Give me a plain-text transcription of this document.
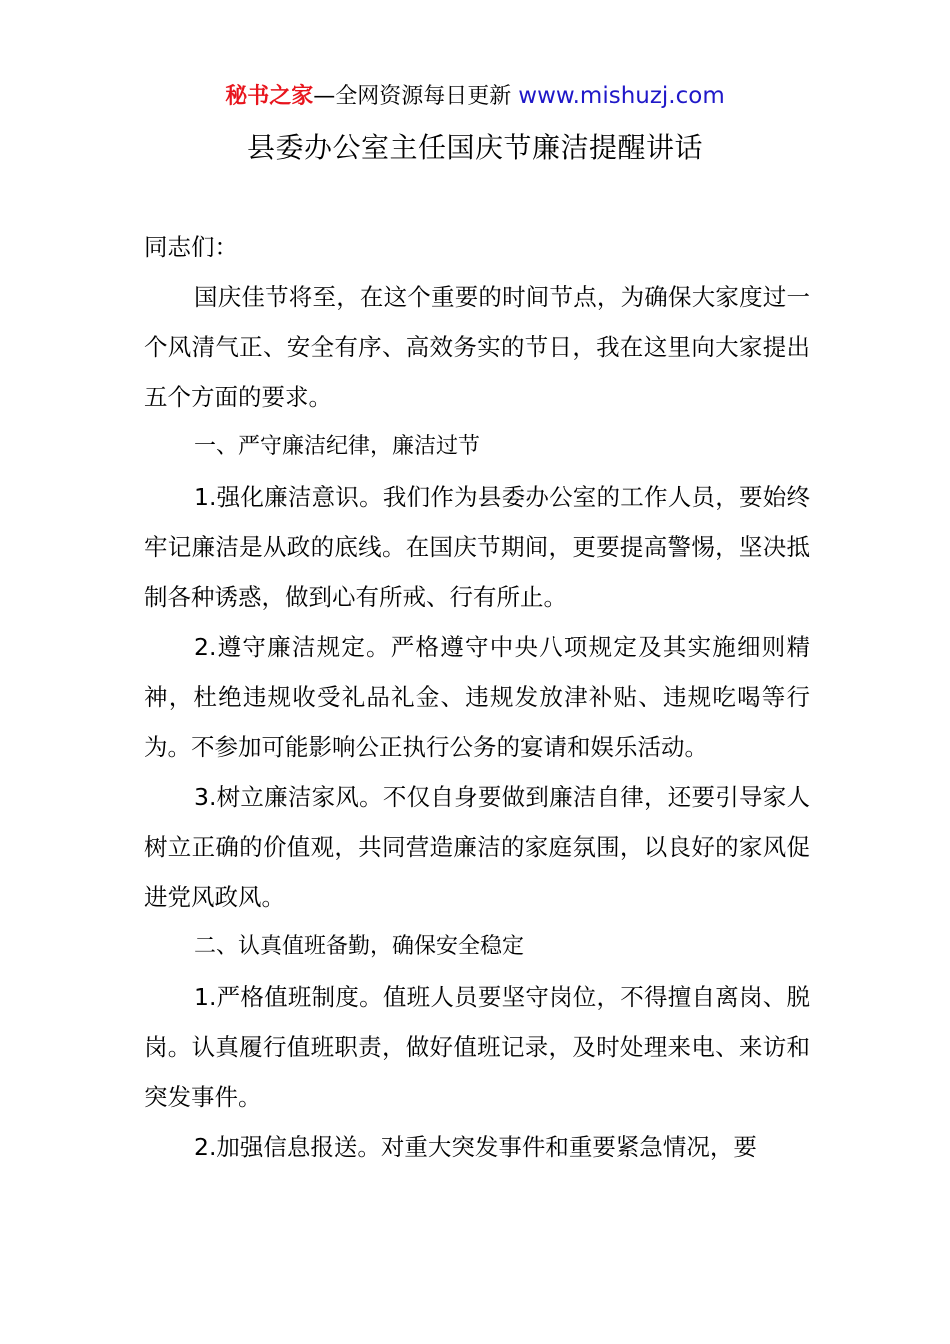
秘书之家—全网资源每日更新 www.mishuzj.com
县委办公室主任国庆节廉洁提醒讲话

同志们：

国庆佳节将至，在这个重要的时间节点，为确保大家度过一个风清气正、安全有序、高效务实的节日，我在这里向大家提出五个方面的要求。

一、严守廉洁纪律，廉洁过节

1.强化廉洁意识。我们作为县委办公室的工作人员，要始终牢记廉洁是从政的底线。在国庆节期间，更要提高警惕，坚决抵制各种诱惑，做到心有所戒、行有所止。

2.遵守廉洁规定。严格遵守中央八项规定及其实施细则精神，杜绝违规收受礼品礼金、违规发放津补贴、违规吃喝等行为。不参加可能影响公正执行公务的宴请和娱乐活动。

3.树立廉洁家风。不仅自身要做到廉洁自律，还要引导家人树立正确的价值观，共同营造廉洁的家庭氛围，以良好的家风促进党风政风。

二、认真值班备勤，确保安全稳定

1.严格值班制度。值班人员要坚守岗位，不得擅自离岗、脱岗。认真履行值班职责，做好值班记录，及时处理来电、来访和突发事件。

2.加强信息报送。对重大突发事件和重要紧急情况，要
